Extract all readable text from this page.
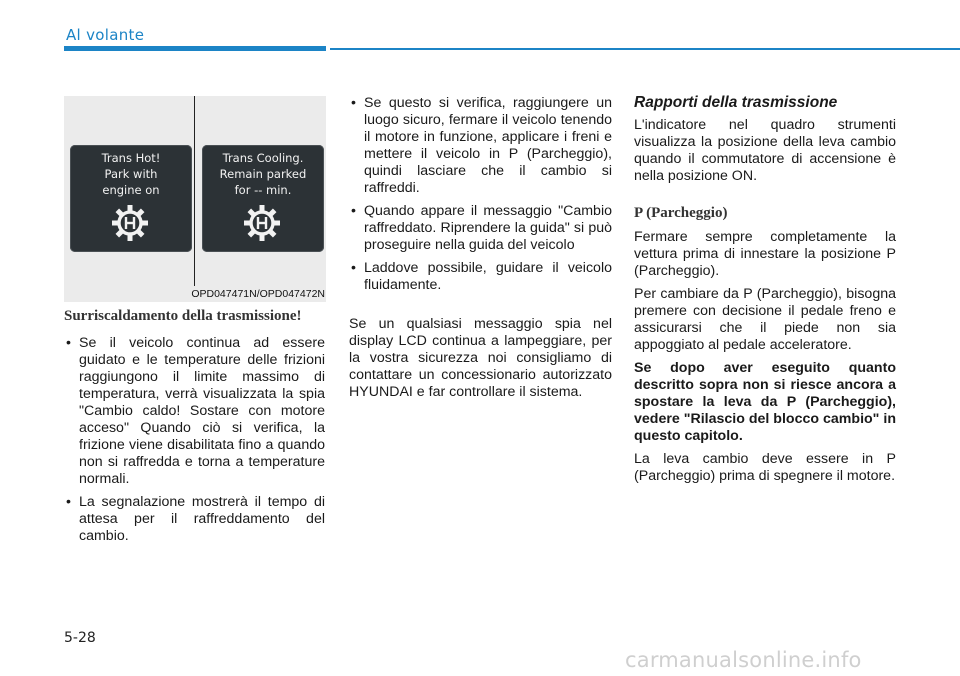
Al volante
Trans Hot!
Park with
engine on
Trans Cooling.
Remain parked
for -- min.
OPD047471N/OPD047472N
Surriscaldamento della trasmissione!
• Se il veicolo continua ad essere guidato e le temperature delle frizioni raggiungono il limite massimo di temperatura, verrà visualizzata la spia "Cambio caldo! Sostare con motore acceso" Quando ciò si verifica, la frizione viene disabilitata fino a quando non si raffredda e torna a temperature normali.
• La segnalazione mostrerà il tempo di attesa per il raffreddamento del cambio.
• Se questo si verifica, raggiungere un luogo sicuro, fermare il veicolo tenendo il motore in funzione, applicare i freni e mettere il veicolo in P (Parcheggio), quindi lasciare che il cambio si raffreddi.
• Quando appare il messaggio "Cambio raffreddato. Riprendere la guida" si può proseguire nella guida del veicolo
• Laddove possibile, guidare il veicolo fluidamente.

Se un qualsiasi messaggio spia nel display LCD continua a lampeggiare, per la vostra sicurezza noi consigliamo di contattare un concessionario autorizzato HYUNDAI e far controllare il sistema.

Rapporti della trasmissione

L'indicatore nel quadro strumenti visualizza la posizione della leva cambio quando il commutatore di accensione è nella posizione ON.

P (Parcheggio)

Fermare sempre completamente la vettura prima di innestare la posizione P (Parcheggio).

Per cambiare da P (Parcheggio), bisogna premere con decisione il pedale freno e assicurarsi che il piede non sia appoggiato al pedale acceleratore.

Se dopo aver eseguito quanto descritto sopra non si riesce ancora a spostare la leva da P (Parcheggio), vedere "Rilascio del blocco cambio" in questo capitolo.

La leva cambio deve essere in P (Parcheggio) prima di spegnere il motore.

5-28
carmanualsonline.info
